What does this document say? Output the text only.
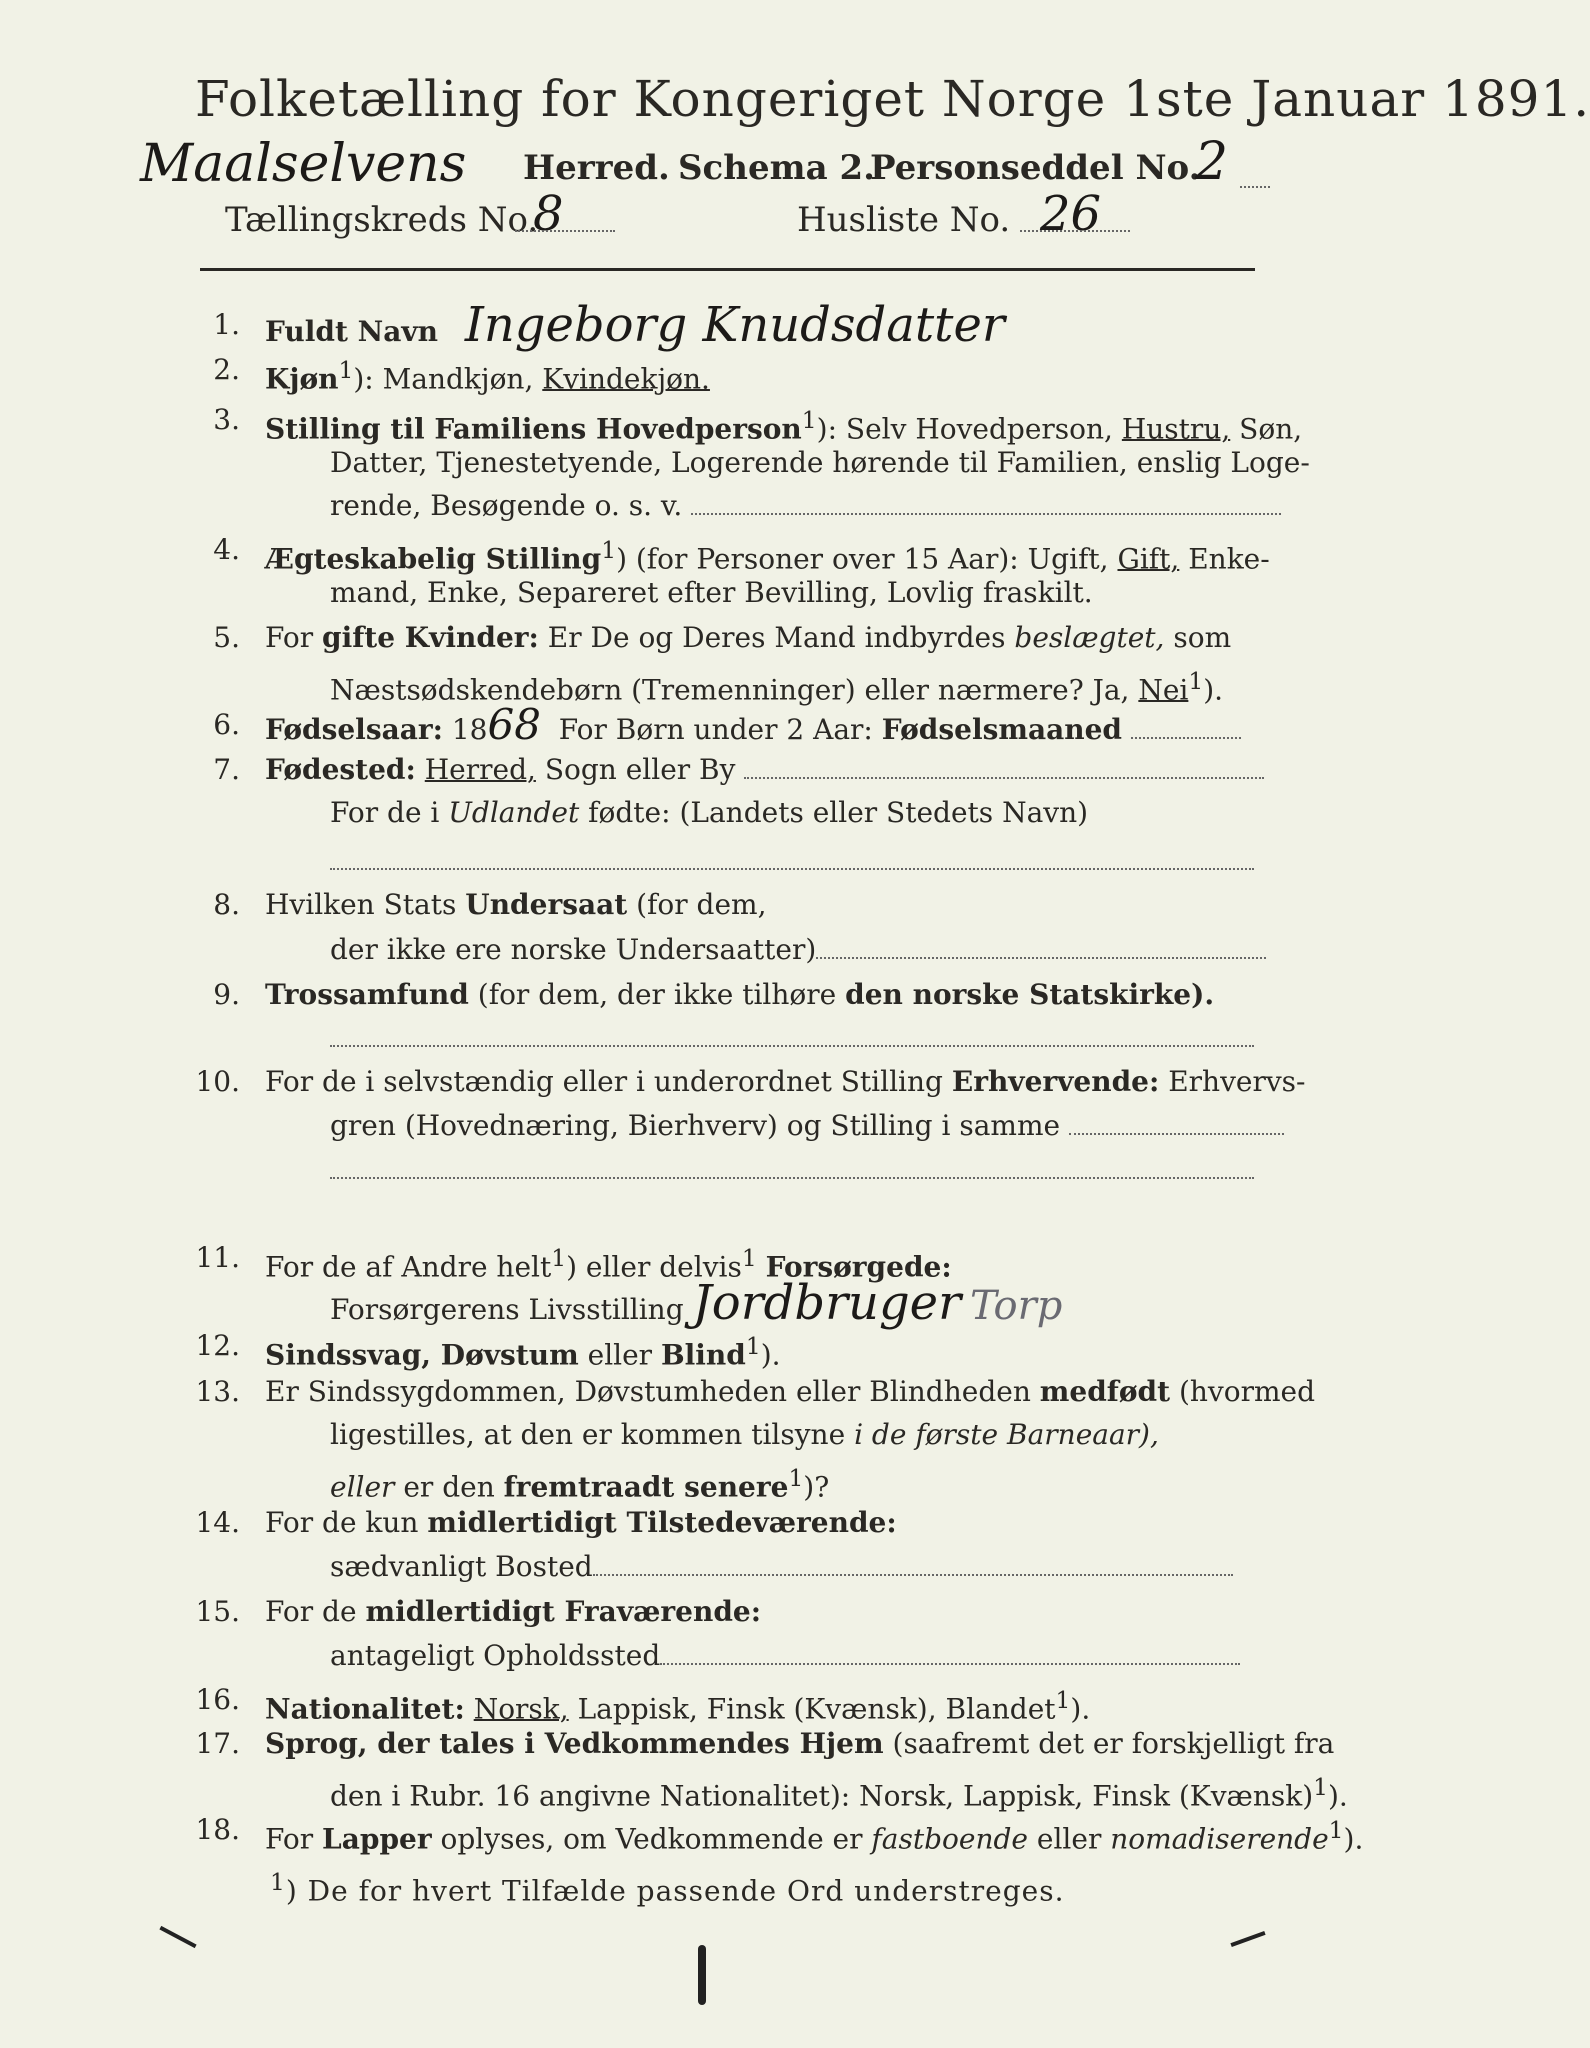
Folketælling for Kongeriget Norge 1ste Januar 1891.
Maalselvens Herred. Schema 2.
Personseddel No.
2
Tællingskreds No.
8	Husliste No. 26
1. Fuldt Navn Ingeborg Knudsdatter
2. Kjøn$^1$): Mandkjøn, Kvindekjøn.
3. Stilling til Familiens Hovedperson$^1$): Selv Hovedperson, Hustru, Søn,
Datter, Tjenestetyende, Logerende hørende til Familien, enslig Loge-
rende, Besøgende o. s. v.
4. Ægteskabelig Stilling$^1$) (for Personer over 15 Aar): Ugift, Gift, Enke-
mand, Enke, Separeret efter Bevilling, Lovlig fraskilt.
5. For gifte Kvinder: Er De og Deres Mand indbyrdes beslægtet, som
Næstsødskendebørn (Tremenninger) eller nærmere? Ja, Nei$^1$).
6. Fødselsaar: 1868 For Børn under 2 Aar: Fødselsmaaned
7. Fødested: Herred, Sogn eller By
For de i Udlandet fødte: (Landets eller Stedets Navn)
8. Hvilken Stats Undersaat (for dem,
der ikke ere norske Undersaatter)
9. Trossamfund (for dem, der ikke tilhøre den norske Statskirke).
10. For de i selvstændig eller i underordnet Stilling Erhvervende: Erhvervs-
gren (Hovednæring, Bierhverv) og Stilling i samme
11. For de af Andre helt$^1$) eller delvis$^1$ Forsørgede:
Forsørgerens Livsstilling Jordbruger Torp
12. Sindssvag, Døvstum eller Blind$^1$).
13. Er Sindssygdommen, Døvstumheden eller Blindheden medfødt (hvormed
ligestilles, at den er kommen tilsyne i de første Barneaar),
eller er den fremtraadt senere$^1$)?
14. For de kun midlertidigt Tilstedeværende:
sædvanligt Bosted
15. For de midlertidigt Fraværende:
antageligt Opholdssted
16. Nationalitet: Norsk, Lappisk, Finsk (Kvænsk), Blandet$^1$).
17. Sprog, der tales i Vedkommendes Hjem (saafremt det er forskjelligt fra
den i Rubr. 16 angivne Nationalitet): Norsk, Lappisk, Finsk (Kvænsk)$^1$).
18. For Lapper oplyses, om Vedkommende er fastboende eller nomadiserende$^1$).
$^1$) De for hvert Tilfælde passende Ord understreges.
